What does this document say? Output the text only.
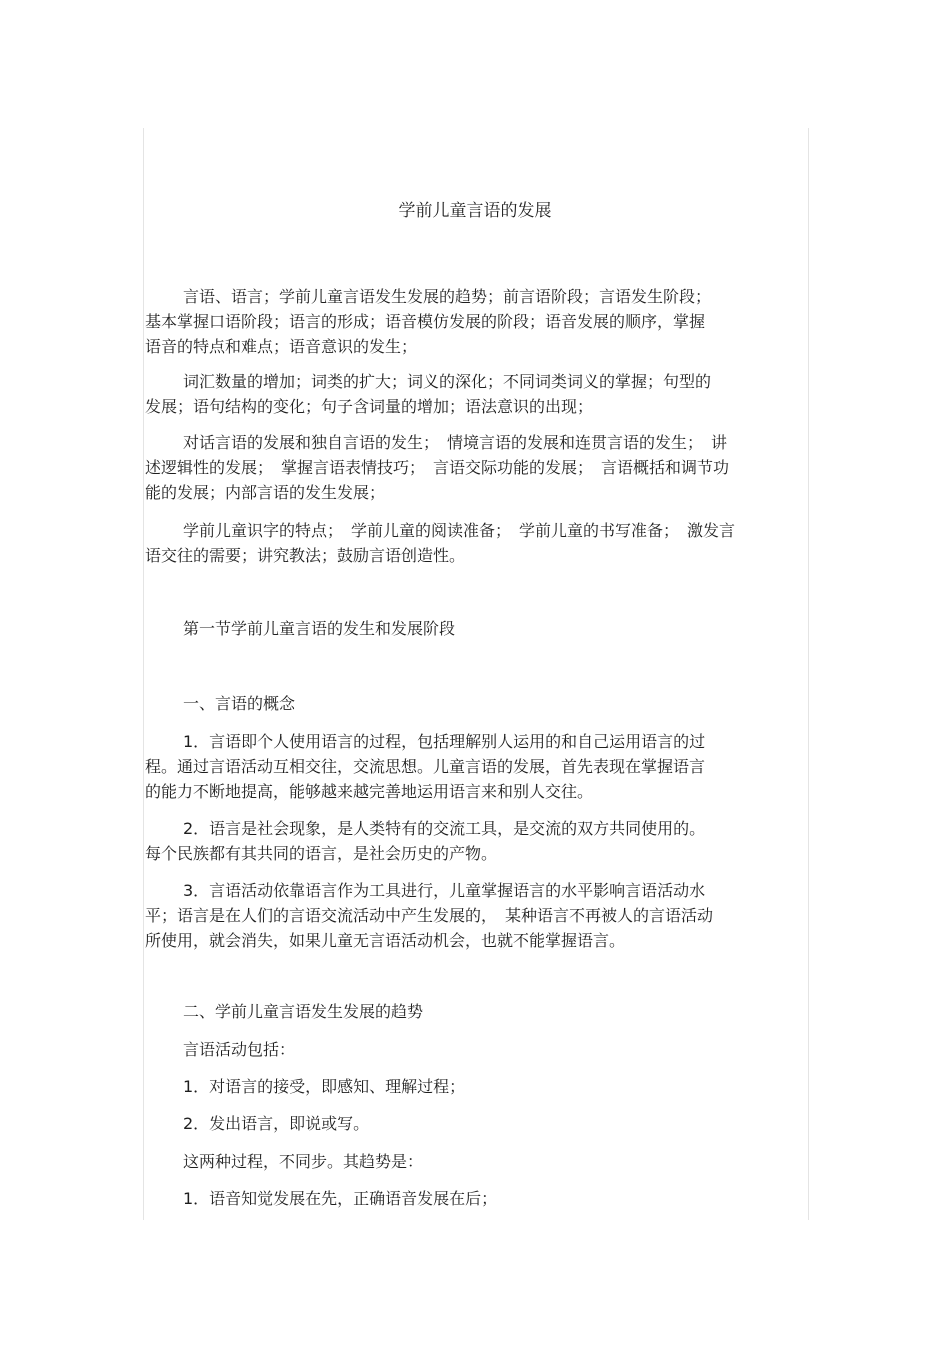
学前儿童言语的发展

言语、语言；学前儿童言语发生发展的趋势；前言语阶段；言语发生阶段；
基本掌握口语阶段；语言的形成；语音模仿发展的阶段；语音发展的顺序，掌握
语音的特点和难点；语音意识的发生；

词汇数量的增加；词类的扩大；词义的深化；不同词类词义的掌握；句型的
发展；语句结构的变化；句子含词量的增加；语法意识的出现；

对话言语的发展和独自言语的发生；　情境言语的发展和连贯言语的发生；　讲
述逻辑性的发展；　掌握言语表情技巧；　言语交际功能的发展；　言语概括和调节功
能的发展；内部言语的发生发展；

学前儿童识字的特点；　学前儿童的阅读准备；　学前儿童的书写准备；　激发言
语交往的需要；讲究教法；鼓励言语创造性。

第一节学前儿童言语的发生和发展阶段
一、言语的概念

1．言语即个人使用语言的过程，包括理解别人运用的和自己运用语言的过
程。通过言语活动互相交往，交流思想。儿童言语的发展，首先表现在掌握语言
的能力不断地提高，能够越来越完善地运用语言来和别人交往。

2．语言是社会现象，是人类特有的交流工具，是交流的双方共同使用的。
每个民族都有其共同的语言，是社会历史的产物。

3．言语活动依靠语言作为工具进行，儿童掌握语言的水平影响言语活动水
平；语言是在人们的言语交流活动中产生发展的，　某种语言不再被人的言语活动
所使用，就会消失，如果儿童无言语活动机会，也就不能掌握语言。

二、学前儿童言语发生发展的趋势
言语活动包括：
1．对语言的接受，即感知、理解过程；
2．发出语言，即说或写。
这两种过程，不同步。其趋势是：
1．语音知觉发展在先，正确语音发展在后；
